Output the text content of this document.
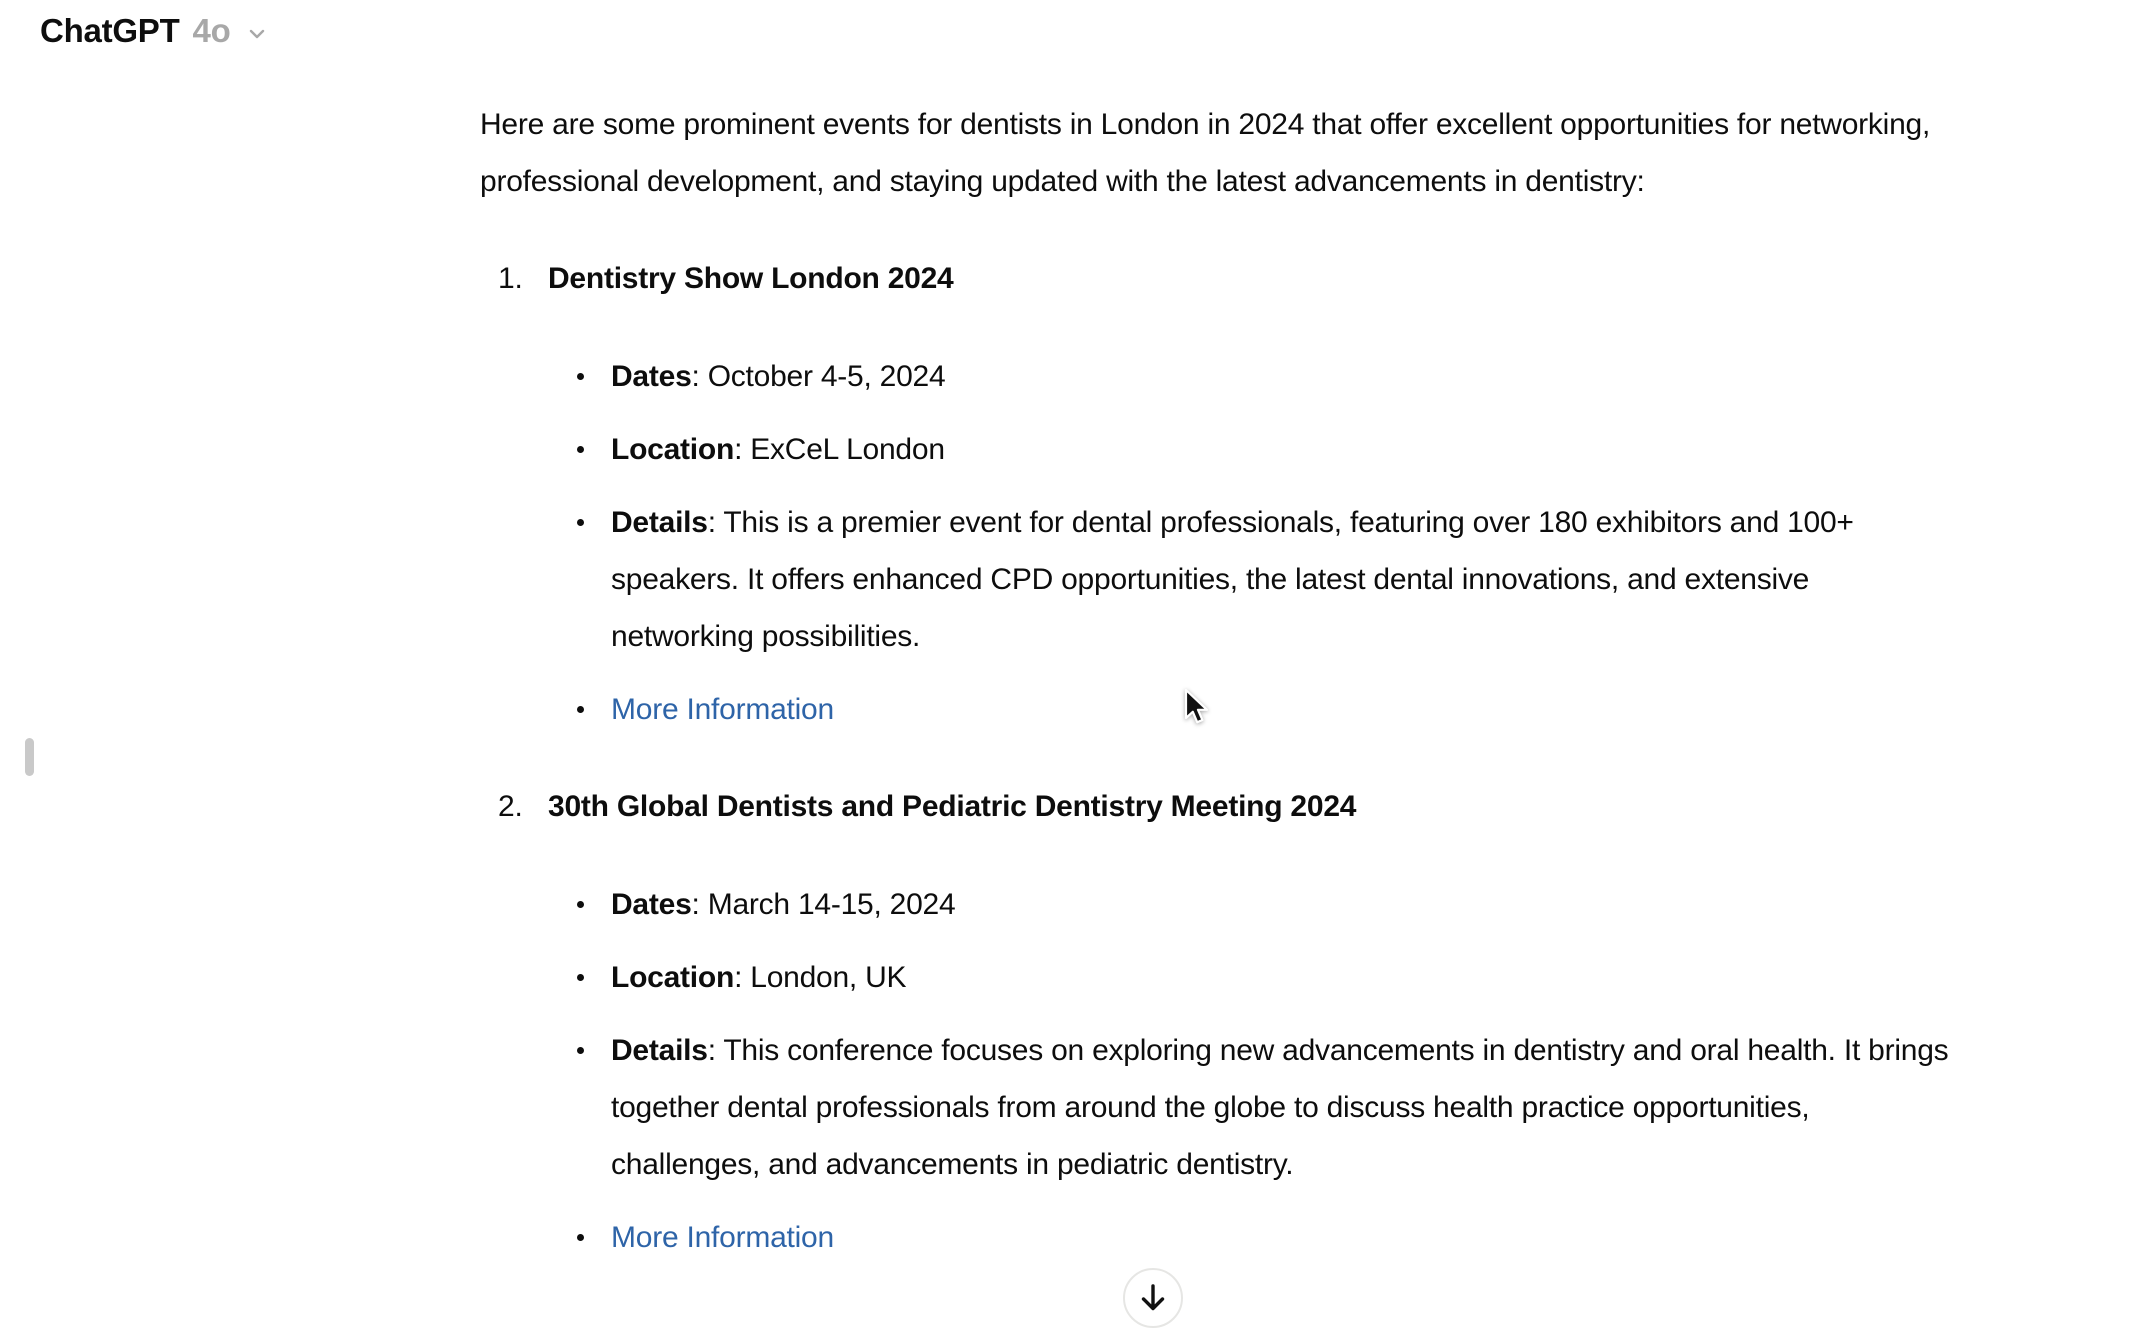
ChatGPT 4o

Here are some prominent events for dentists in London in 2024 that offer excellent opportunities for networking, professional development, and staying updated with the latest advancements in dentistry:

1. Dentistry Show London 2024
Dates: October 4-5, 2024
Location: ExCeL London
Details: This is a premier event for dental professionals, featuring over 180 exhibitors and 100+ speakers. It offers enhanced CPD opportunities, the latest dental innovations, and extensive networking possibilities.
More Information
2. 30th Global Dentists and Pediatric Dentistry Meeting 2024
Dates: March 14-15, 2024
Location: London, UK
Details: This conference focuses on exploring new advancements in dentistry and oral health. It brings together dental professionals from around the globe to discuss health practice opportunities, challenges, and advancements in pediatric dentistry.
More Information
